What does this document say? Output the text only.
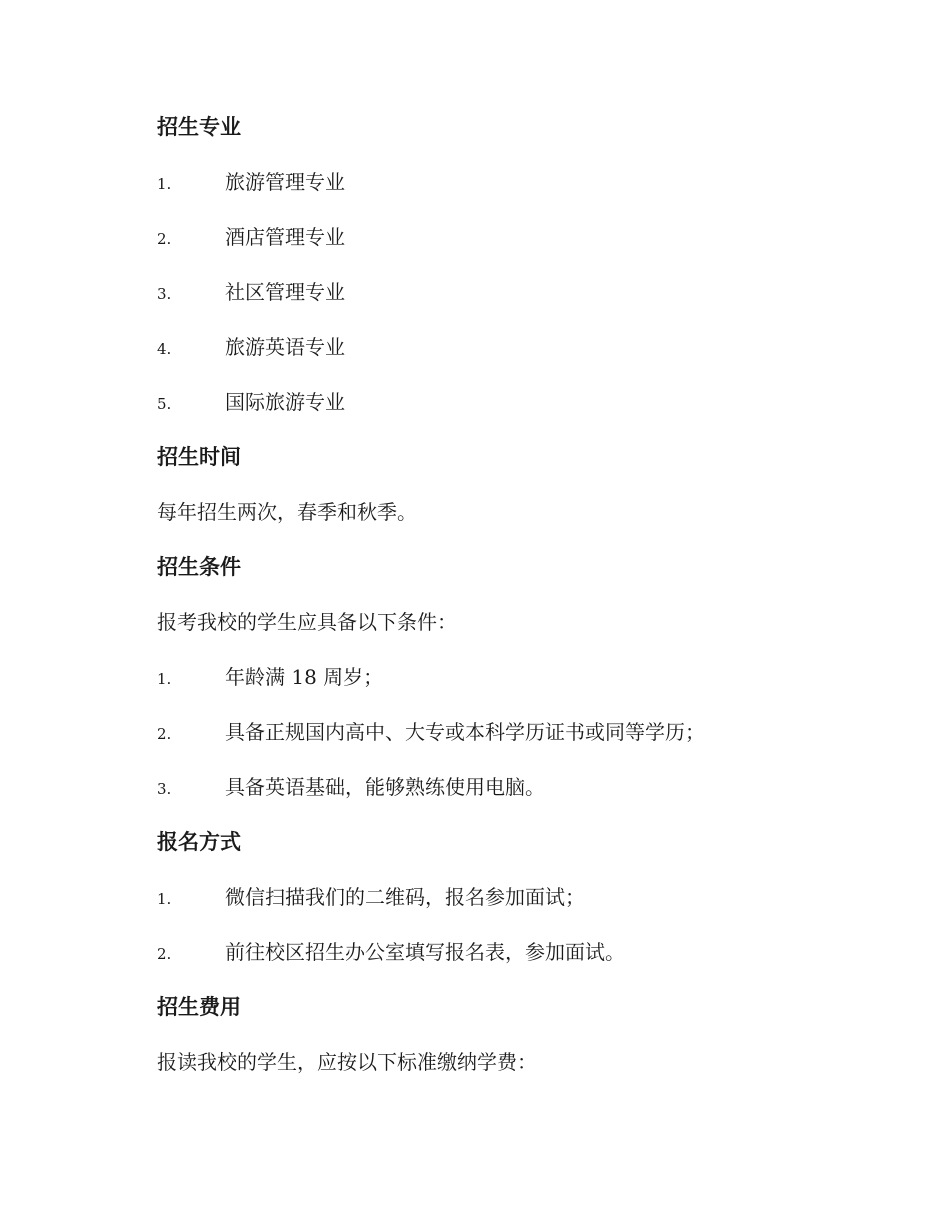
招生专业
1.	旅游管理专业
2.	酒店管理专业
3.	社区管理专业
4.	旅游英语专业
5.	国际旅游专业
招生时间
每年招生两次，春季和秋季。
招生条件
报考我校的学生应具备以下条件：
1.	年龄满 18 周岁；
2.	具备正规国内高中、大专或本科学历证书或同等学历；
3.	具备英语基础，能够熟练使用电脑。
报名方式
1.	微信扫描我们的二维码，报名参加面试；
2.	前往校区招生办公室填写报名表，参加面试。
招生费用
报读我校的学生，应按以下标准缴纳学费：
